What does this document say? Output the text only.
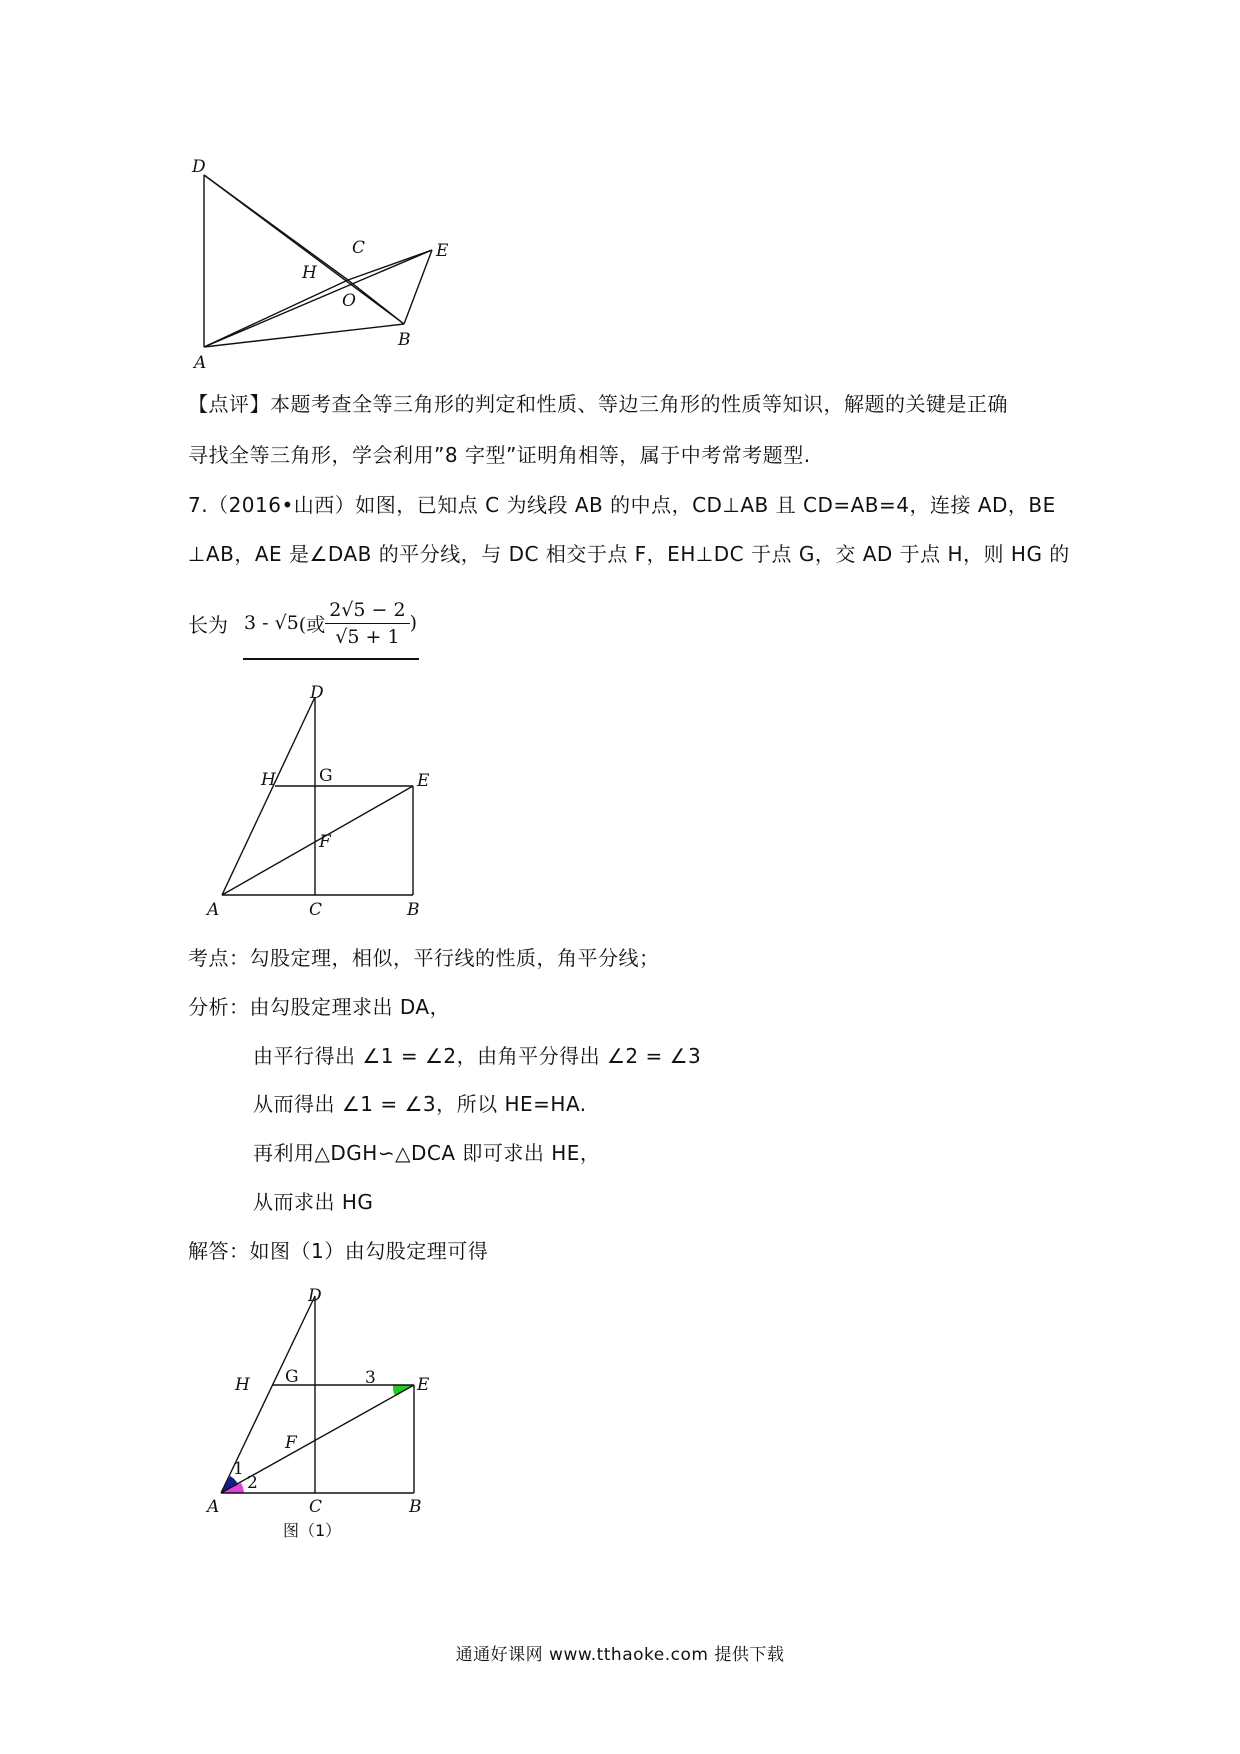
D
C	E
H
O
B
A
【点评】本题考查全等三角形的判定和性质、等边三角形的性质等知识，解题的关键是正确
寻找全等三角形，学会利用”8 字型”证明角相等，属于中考常考题型.
7.（2016•山西）如图，已知点 C 为线段 AB 的中点，CD⊥AB 且 CD=AB=4，连接 AD，BE
⊥AB，AE 是∠DAB 的平分线，与 DC 相交于点 F，EH⊥DC 于点 G，交 AD 于点 H，则 HG 的
长为 3 - √5 (或 $\frac{2√5 - 2}{√5 + 1}$ )
D
H	G	E
F
A	C	B
考点：勾股定理，相似，平行线的性质，角平分线；
分析：由勾股定理求出 DA，
由平行得出 ∠1 = ∠2，由角平分得出 ∠2 = ∠3
从而得出 ∠1 = ∠3，所以 HE=HA.
再利用△DGH∽△DCA 即可求出 HE，
从而求出 HG
解答：如图（1）由勾股定理可得
D
H G	E
F
A	C	B
1
2
3
图（1）
通通好课网 www.tthaoke.com 提供下载
